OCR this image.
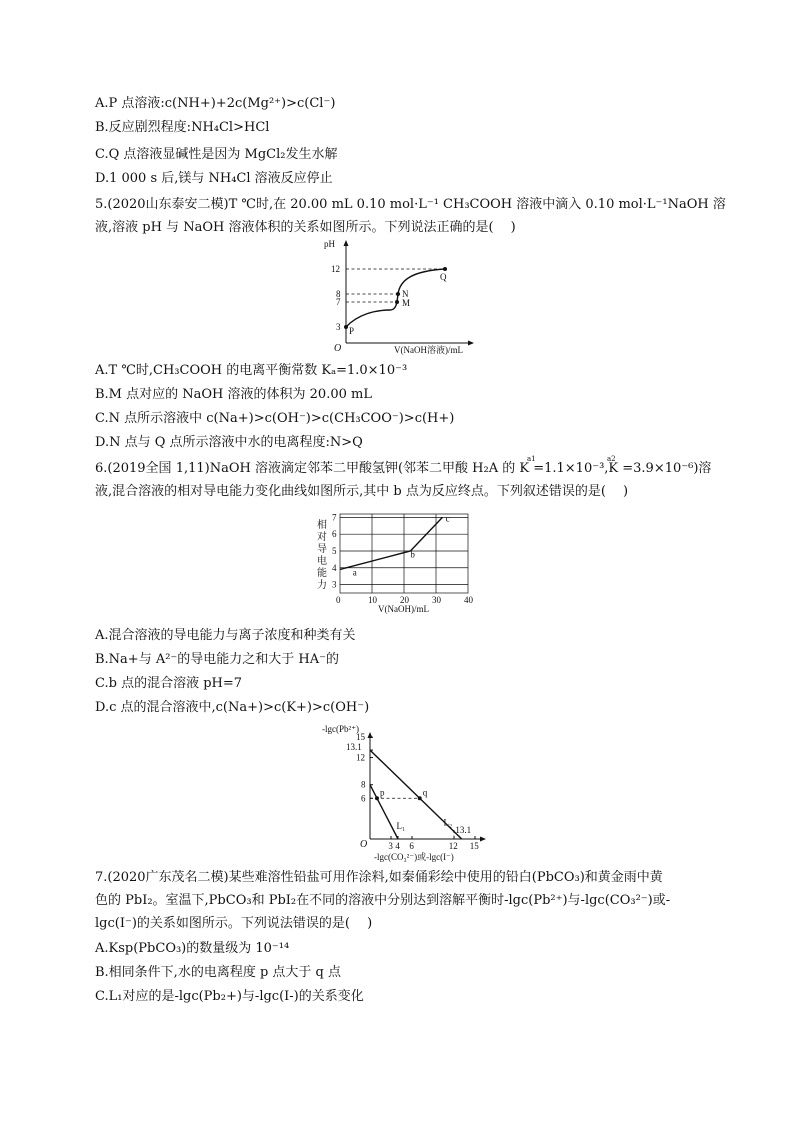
A.P 点溶液:c(NH+)+2c(Mg²⁺)>c(Cl⁻)
B.反应剧烈程度:NH₄Cl>HCl
C.Q 点溶液显碱性是因为 MgCl₂发生水解
D.1 000 s 后,镁与 NH₄Cl 溶液反应停止
5.(2020山东泰安二模)T ℃时,在 20.00 mL 0.10 mol·L⁻¹ CH₃COOH 溶液中滴入 0.10 mol·L⁻¹NaOH 溶
液,溶液 pH 与 NaOH 溶液体积的关系如图所示。下列说法正确的是(　 )
pH
O	V(NaOH溶液)/mL
12
8
7
3 P
M
N
Q
A.T ℃时,CH₃COOH 的电离平衡常数 Kₐ=1.0×10⁻³
B.M 点对应的 NaOH 溶液的体积为 20.00 mL
C.N 点所示溶液中 c(Na+)>c(OH⁻)>c(CH₃COO⁻)>c(H+)
D.N 点与 Q 点所示溶液中水的电离程度:N>Q
6.(2019全国 1,11)NaOH 溶液滴定邻苯二甲酸氢钾(邻苯二甲酸 H₂A 的 K =1.1×10⁻³,K =3.9×10⁻⁶)溶
a1	a2
液,混合溶液的相对导电能力变化曲线如图所示,其中 b 点为反应终点。下列叙述错误的是(　 )
相
对
导
电
能
力
0	10	20	30	40
3
4
5
6
7
a
b
c
V(NaOH)/mL
A.混合溶液的导电能力与离子浓度和种类有关
B.Na+与 A²⁻的导电能力之和大于 HA⁻的
C.b 点的混合溶液 pH=7
D.c 点的混合溶液中,c(Na+)>c(K+)>c(OH⁻)
-lgc(Pb²⁺)
O
6
8
12
13.1
15
3 4 6	12 15
p	q
L₁	L₂
13.1
-lgc(CO₃²⁻)或-lgc(I⁻)
7.(2020广东茂名二模)某些难溶性铅盐可用作涂料,如秦俑彩绘中使用的铅白(PbCO₃)和黄金雨中黄
色的 PbI₂。室温下,PbCO₃和 PbI₂在不同的溶液中分别达到溶解平衡时-lgc(Pb²⁺)与-lgc(CO₃²⁻)或-
lgc(I⁻)的关系如图所示。下列说法错误的是(　 )
A.Ksp(PbCO₃)的数量级为 10⁻¹⁴
B.相同条件下,水的电离程度 p 点大于 q 点
C.L₁对应的是-lgc(Pb₂+)与-lgc(I-)的关系变化
